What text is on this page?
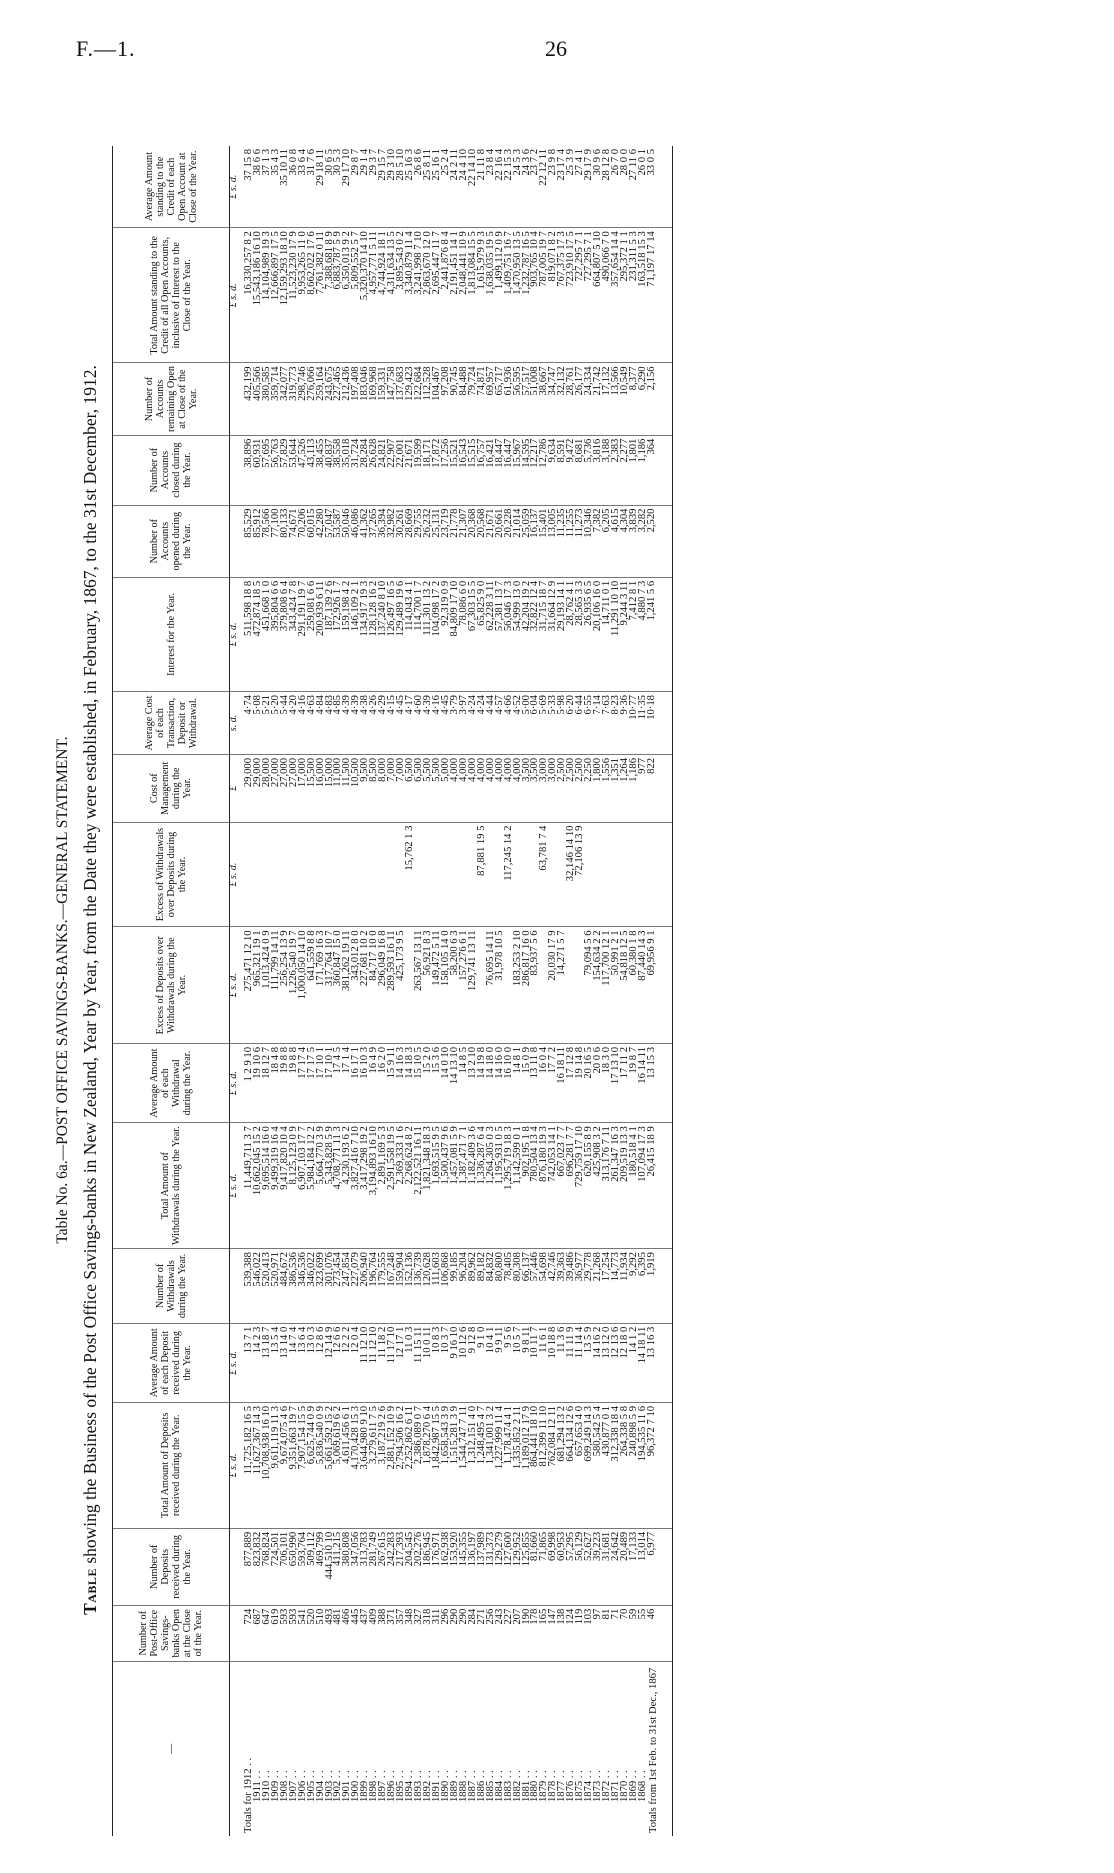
F.—1.	26
Table No. 6a.—POST OFFICE SAVINGS-BANKS.—GENERAL STATEMENT.
Table showing the Business of the Post Office Savings-banks in New Zealand, Year by Year, from the Date they were established, in February, 1867, to the 31st December, 1912.
—	Number of Post-Office Savings-banks Open at the Close of the Year.	Number of Deposits received during the Year.	Total Amount of Deposits received during the Year.	Average Amount of each Deposit received during the Year.	Number of Withdrawals during the Year.	Total Amount of Withdrawals during the Year.	Average Amount of each Withdrawal during the Year.	Excess of Deposits over Withdrawals during the Year.	Excess of Withdrawals over Deposits during the Year.	Cost of Management during the Year.	Average Cost of each Transaction, Deposit or Withdrawal.	Interest for the Year.	Number of Accounts opened during the Year.	Number of Accounts closed during the Year.	Number of Accounts remaining Open at Close of the Year.	Total Amount standing to the Credit of all Open Accounts, inclusive of Interest to the Close of the Year.	Average Amount standing to the Credit of each Open Account at Close of the Year.
			£ s. d.	£ s. d.		£ s. d.	£ s. d.	£ s. d.	£ s. d.	£	s. d.	£ s. d.				£ s. d.	£ s. d.
Totals for 1912 . .	724	877,889	11,725,182 16 5	13 7 1	539,388	11,449,711 3 7	1 2 9 10	275,471 12 10		29,000	4·74	511,598 18 8	85,529	38,896	432,199	16,330,257 8 2	37 15 8
1911 . .	687	823,832	11,627,367 14 3	14 2 3	546,022	10,662,045 15 2	19 10 6	965,321 19 1		29,000	5·08	472,874 18 5	85,912	60,931	405,566	15,543,186 16 10	38 6 6
1910 . .	647	768,824	10,708,938 16 10	13 18 7	520,413	9,695,514 16 0	18 12 7	1,013,424 0 9		28,000	5·21	451,668 1 0	78,566	57,695	380,585	14,104,989 19 3	37 1 3
1909 . .	619	724,501	9,611,119 11 3	13 5 4	520,971	9,499,319 16 4	18 4 8	111,799 14 11		27,000	5·20	395,804 6 6	77,100	56,763	359,714	12,666,897 17 5	35 4 3
1908 . .	593	706,101	9,674,075 4 6	13 14 0	484,672	9,417,820 10 4	19 8 8	256,254 13 9		27,000	5·44	379,808 6 4	80,133	57,829	342,077	12,159,293 18 10	35 10 11
1907 . .	593	650,990	9,351,663 19 7	14 7 4	386,536	8,125,123 0 9	19 8 8	1,226,540 19 7		27,000	4·20	343,424 7 8	74,671	53,644	319,773	11,523,230 17 9	36 0 8
1906 . .	541	593,764	7,907,154 15 5	13 6 4	346,536	6,907,103 17 7	17 17 4	1,000,050 14 10		17,000	4·16	291,191 19 7	70,206	47,526	298,746	9,953,265 11 0	33 6 4
1905 . .	520	509,112	6,625,744 0 9	13 0 3	346,022	5,984,184 12 2	17 17 5	641,559 8 8		15,500	4·63	259,081 6 6	60,015	43,113	276,066	8,662,022 17 6	31 7 6
1904 . .	510	469,799	5,836,540 0 9	12 8 6	323,699	5,664,770 3 9	17 10 1	171,769 16 3		16,000	4·84	200,939 6 11	42,280	38,455	259,164	7,761,382 0 11	29 18 11
1903 . .	493	444,510 10	5,661,592 15 2	12 14 9	301,076	5,343,828 5 9	17 10 1	317,764 10 7		15,000	4·83	187,139 2 6	57,047	40,837	243,675	7,388,681 8 9	30 6 5
1902 . .	481	411,215	5,069,619 6 2	12 6 6	273,454	4,708,771 11 3	17 4 5	360,847 15 0		11,000	4·85	172,926 1 7	53,587	38,558	227,465	6,883,787 5 9	30 5 3
1901 . .	466	380,808	4,611,456 6 1	12 2 2	247,854	4,230,193 6 2	17 1 4	381,262 19 11		11,500	4·39	159,198 4 2	50,046	35,018	212,436	6,350,013 9 2	29 17 10
1900 . .	445	347,056	4,170,428 15 3	12 0 4	227,079	3,827,416 7 10	16 17 1	343,012 8 0		10,500	4·39	146,109 2 1	46,086	31,724	197,408	5,809,552 5 7	29 8 7
1899 . .	437	313,783	3,644,980 9 10	11 12 10	206,940	3,417,298 19 2	16 10 3	227,681 10 2		9,500	4·38	134,917 19 3	41,362	28,284	183,046	5,320,370 14 10	29 1 4
1898 . .	409	281,749	3,279,611 7 5	11 12 10	196,764	3,194,893 16 10	16 4 9	84,717 10 0		8,500	4·26	128,128 16 2	37,265	26,628	169,968	4,957,771 5 11	29 3 7
1897 . .	388	267,615	3,187,219 2 6	11 18 2	179,555	2,891,169 5 3	16 2 0	296,049 16 8		8,000	4·29	137,240 8 10	36,394	24,821	159,331	4,744,924 18 1	29 15 7
1896 . .	371	242,283	2,881,152 10 9	11 17 10	167,248	2,591,558 19 5	15 9 11	289,593 16 11		7,000	4·15	126,497 16 5	32,982	22,907	147,758	4,311,634 13 5	29 3 10
1895 . .	357	217,393	2,794,506 16 2	12 17 1	159,904	2,369,333 1 6	14 16 3	425,173 9 5		7,000	4·45	129,489 19 6	30,261	22,001	137,683	3,895,543 0 2	28 5 10
1894 . .	348	204,545	2,252,862 6 11	11 0 3	152,136	2,268,624 8 2	14 18 3		15,762 1 3	6,500	4·17	114,043 4 1	28,669	21,671	129,423	3,340,879 11 4	25 16 3
1893 . .	327	202,276	2,386,089 0 7	11 15 11	136,739	2,122,521 16 11	15 10 5	263,567 13 11		6,500	4·60	114,700 1 7	29,755	19,599	122,684	3,241,998 7 10	26 8 6
1892 . .	318	186,945	1,878,270 6 4	10 0 11	120,628	1,821,348 18 3	15 2 0	56,921 8 3		5,500	4·39	111,301 13 2	26,232	18,171	112,528	2,863,670 12 0	25 8 11
1891 . .	311	176,971	1,842,987 15 5	10 8 3	111,603	1,693,515 9 5	15 3 6	149,472 5 11		5,500	4·16	104,098 17 2	25,131	17,872	104,467	2,695,447 11 7	25 16 1
1890 . .	296	162,938	1,658,543 3 9	10 3 7	106,868	1,500,437 9 6	14 0 10	158,105 14 0		5,000	4·45	92,319 0 9	23,719	17,256	97,208	2,441,876 8 4	25 2 4
1889 . .	290	153,920	1,515,281 3 9	9 16 10	99,185	1,457,081 5 9	14 13 10	58,200 6 3		4,000	3·79	84,809 17 10	21,778	15,521	90,745	2,191,451 14 1	24 2 11
1888 . .	290	145,355	1,544,747 7 11	10 12 6	96,204	1,387,471 7 1	14 8 5	157,276 6 1		4,000	3·97	78,086 6 0	21,307	16,543	84,488	2,048,441 10 9	24 4 10
1887 . .	284	136,197	1,312,151 4 0	9 12 8	89,962	1,182,409 3 6	13 2 10	129,741 13 11		4,000	4·24	67,303 15 5	20,368	15,515	79,724	1,813,084 15 5	22 14 10
1886 . .	271	137,989	1,248,495 4 7	9 1 0	89,182	1,336,287 6 4	14 19 8		87,881 19 5	4,000	4·24	65,825 9 0	20,568	16,757	74,871	1,615,979 9 3	21 11 8
1885 . .	256	131,373	1,341,001 3 2	10 4 1	84,832	1,264,305 0 3	14 18 0	76,695 14 11		4,000	4·44	62,228 3 11	21,671	16,421	69,957	1,638,035 19 5	23 8 4
1884 . .	243	129,279	1,227,999 11 4	9 9 11	80,800	1,195,931 0 5	14 16 0	31,978 10 5		4,000	4·57	57,381 13 7	20,661	18,447	65,717	1,499,112 0 9	22 16 4
1883 . .	227	127,600	1,178,474 4 1	9 5 6	78,405	1,295,719 18 3	16 10 0		117,245 14 2	4,000	4·66	56,046 17 3	20,228	16,447	61,936	1,409,751 16 7	22 15 3
1882 . .	207	129,952	1,335,852 2 11	10 5 7	80,308	1,142,599 0 1	14 8 1	183,253 2 10		4,000	4·52	54,999 13 0	21,014	15,967	56,595	1,470,950 13 5	24 5 3
1881 . .	190	125,855	1,189,012 17 9	9 8 11	66,137	902,195 1 8	15 0 9	286,817 16 0		3,500	5·00	42,204 19 2	25,059	14,595	57,517	1,232,787 16 5	24 3 6
1880 . .	178	81,660	864,441 18 10	10 11 7	57,446	780,504 13 4	13 11 8	83,937 5 6		3,500	6·04	32,822 12 4	16,137	12,217	51,008	903,765 10 4	23 7 2
1879 . .	165	71,865	812,399 11 10	11 6 1	54,698	876,180 19 3	16 0 4		63,781 7 4	3,000	5·69	31,715 18 7	15,401	12,786	38,667	787,005 19 7	22 12 11
1878 . .	147	69,998	762,084 12 11	10 18 8	42,746	742,053 14 1	17 7 2	20,030 17 9		3,000	5·33	31,664 12 9	13,005	9,634	34,747	819,071 8 2	23 9 8
1877 . .	138	60,953	681,294 13 2	11 3 6	39,363	667,023 7 7	16 18 11	14,271 5 7		2,500	5·98	29,193 14 1	11,235	8,591	32,132	767,375 17 3	23 17 4
1876 . .	124	57,295	664,134 12 6	11 11 9	39,486	696,281 7 7	17 12 8		32,146 14 10	2,500	6·20	28,762 4 1	11,255	9,472	28,761	723,910 17 5	25 3 9
1875 . .	119	56,129	657,653 4 0	11 14 4	36,977	729,759 17 10	19 14 8		72,106 13 9	2,500	6·44	28,565 3 3	11,273	8,681	26,177	727,295 7 1	27 4 1
1874 . .	103	52,627	699,249 14 3	13 5 9	29,778	620,155 8 9	20 16 5	79,094 5 6		2,250	6·55	26,935 6 5	10,346	5,736	24,334	727,295 7 1	29 17 9
1873 . .	97	39,223	580,542 5 4	14 16 2	21,268	425,908 3 2	20 0 6	154,634 2 2		1,800	7·14	20,106 16 0	7,382	3,816	21,742	664,807 5 10	30 9 6
1872 . .	81	31,681	430,877 0 1	13 12 0	17,254	313,176 7 11	18 3 0	117,700 12 1		1,556	7·63	14,711 0 1	6,205	3,188	17,132	490,066 7 0	28 12 8
1871 . .	71	24,642	312,338 18 4	12 13 6	14,773	261,347 16 3	17 13 10	50,991 2 1		1,351	8·23	11,291 10 10	4,615	2,383	13,566	357,654 14 4	26 7 0
1870 . .	70	20,489	264,338 5 8	12 18 0	11,934	209,519 13 3	17 11 2	54,818 12 5		1,264	9·36	9,244 3 11	4,304	2,277	10,549	295,372 1 1	28 0 0
1869 . .	59	17,133	240,898 5 9	14 1 2	9,292	180,518 4 1	19 8 7	60,380 1 8		1,186	10·77	7,412 8 1	3,839	1,801	8,377	231,311 5 3	27 11 6
1868 . .	55	13,014	194,535 11 6	14 18 11	6,395	107,094 17 3	16 14 11	87,440 14 3		977	11·35	4,880 7 3	3,282	1,186	6,290	163,518 15 3	26 0 1
Totals from 1st Feb. to 31st Dec., 1867	46	6,977	96,372 7 10	13 16 3	1,919	26,415 18 9	13 15 3	69,956 9 1		822	10·18	1,241 5 6	2,520	364	2,156	71,197 17 14	33 0 5
